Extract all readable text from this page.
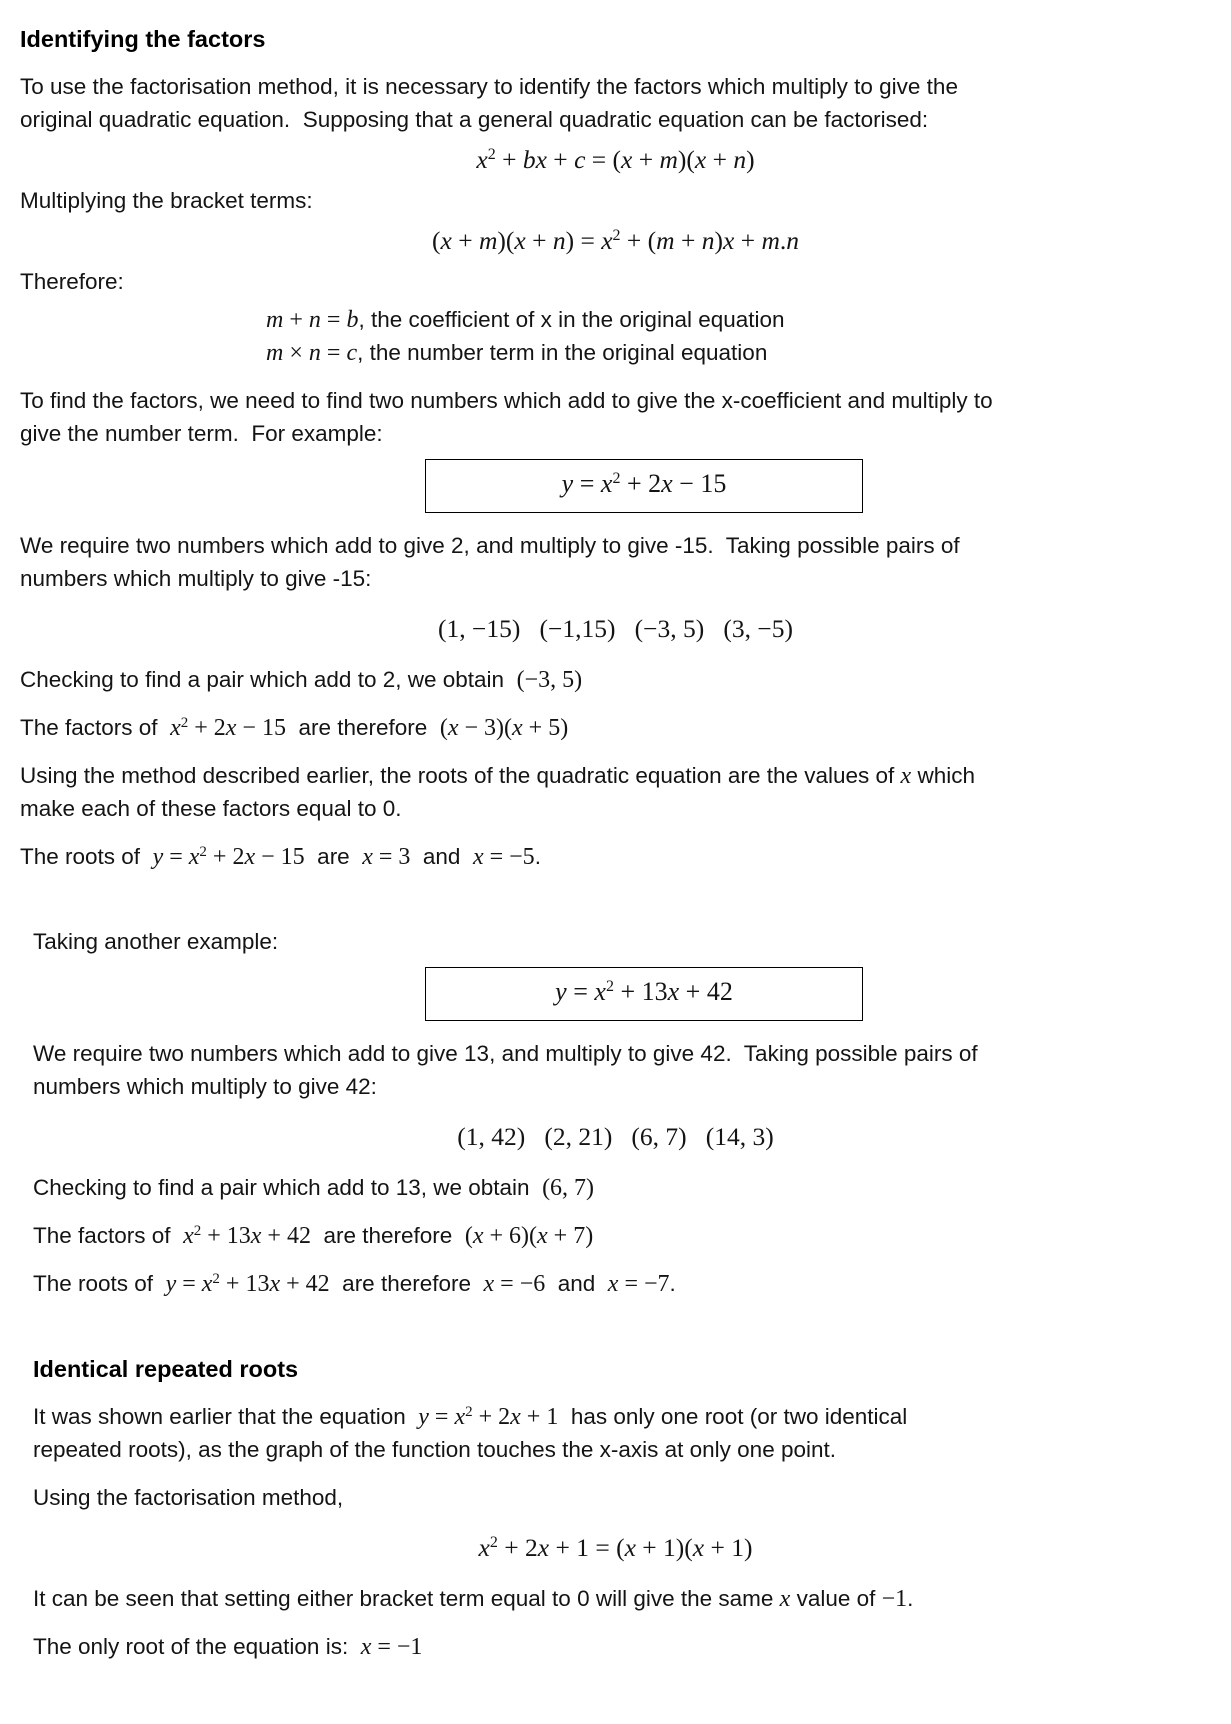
Identifying the factors
To use the factorisation method, it is necessary to identify the factors which multiply to give the
original quadratic equation.  Supposing that a general quadratic equation can be factorised:
$x^2$ + bx + c = (x + m)(x + n)
Multiplying the bracket terms:
$(x + m)(x + n) = x^2 + (m + n)x + m.n$
Therefore:
m + n = b, the coefficient of x in the original equation
m × n = c, the number term in the original equation
To find the factors, we need to find two numbers which add to give the x-coefficient and multiply to
give the number term.  For example:
$y = x^2 + 2x - 15$
We require two numbers which add to give 2, and multiply to give -15.  Taking possible pairs of
numbers which multiply to give -15:
(1, −15)   (−1,15)   (−3, 5)   (3, −5)
Checking to find a pair which add to 2, we obtain  (−3, 5)
The factors of  $x^2 + 2x - 15$  are therefore  (x − 3)(x + 5)
Using the method described earlier, the roots of the quadratic equation are the values of x which
make each of these factors equal to 0.
The roots of  $y = x^2 + 2x - 15$  are  x = 3  and  x = −5.
Taking another example:
$y = x^2 + 13x + 42$
We require two numbers which add to give 13, and multiply to give 42.  Taking possible pairs of
numbers which multiply to give 42:
(1, 42)   (2, 21)   (6, 7)   (14, 3)
Checking to find a pair which add to 13, we obtain  (6, 7)
The factors of  $x^2 + 13x + 42$  are therefore  (x + 6)(x + 7)
The roots of  $y = x^2 + 13x + 42$  are therefore  x = −6  and  x = −7.
Identical repeated roots
It was shown earlier that the equation  $y = x^2 + 2x + 1$  has only one root (or two identical
repeated roots), as the graph of the function touches the x-axis at only one point.
Using the factorisation method,
$x^2 + 2x + 1 = (x + 1)(x + 1)$
It can be seen that setting either bracket term equal to 0 will give the same x value of −1.
The only root of the equation is:  x = −1
